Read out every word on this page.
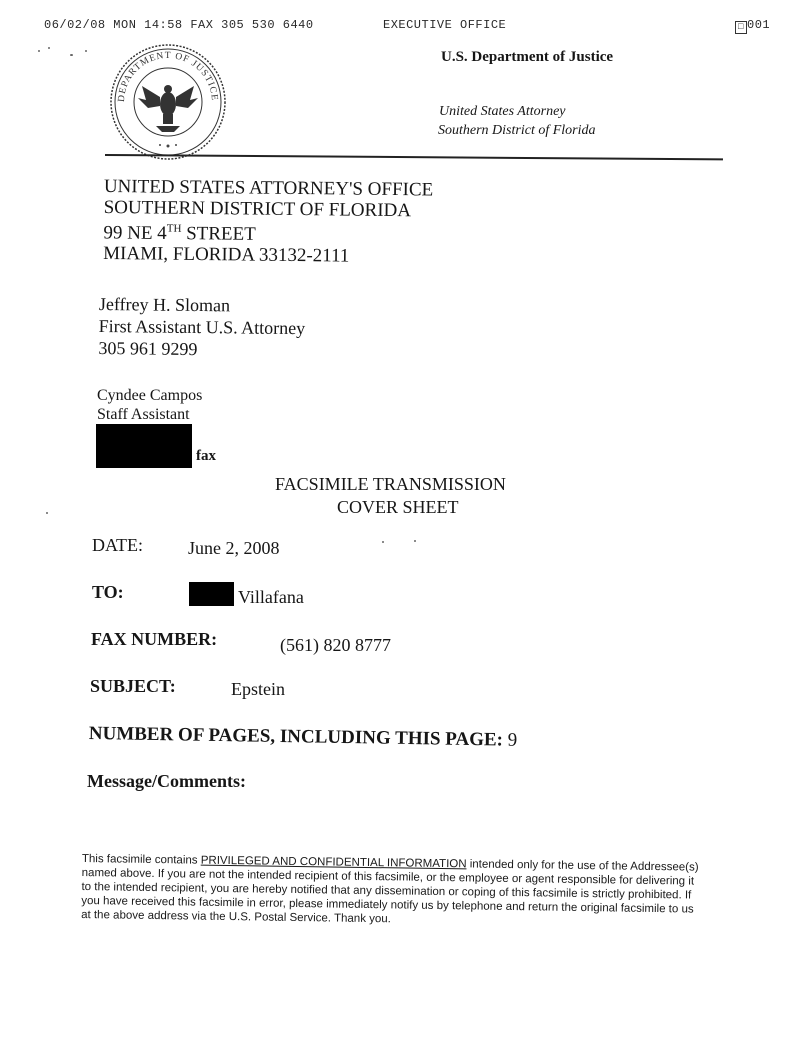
06/02/08 MON 14:58 FAX 305 530 6440	EXECUTIVE OFFICE	□ 001
DEPARTMENT OF JUSTICE
U.S. Department of Justice
United States Attorney
Southern District of Florida
UNITED STATES ATTORNEY'S OFFICE
SOUTHERN DISTRICT OF FLORIDA
99 NE 4TH STREET
MIAMI, FLORIDA 33132-2111
Jeffrey H. Sloman
First Assistant U.S. Attorney
305 961 9299
Cyndee Campos
Staff Assistant
fax
FACSIMILE TRANSMISSION
COVER SHEET
DATE:	June 2, 2008
TO:	Villafana
FAX NUMBER:	(561) 820 8777
SUBJECT:	Epstein
NUMBER OF PAGES, INCLUDING THIS PAGE: 9
Message/Comments:
This facsimile contains PRIVILEGED AND CONFIDENTIAL INFORMATION intended only for the use of the Addressee(s) named above. If you are not the intended recipient of this facsimile, or the employee or agent responsible for delivering it to the intended recipient, you are hereby notified that any dissemination or coping of this facsimile is strictly prohibited. If you have received this facsimile in error, please immediately notify us by telephone and return the original facsimile to us at the above address via the U.S. Postal Service. Thank you.
